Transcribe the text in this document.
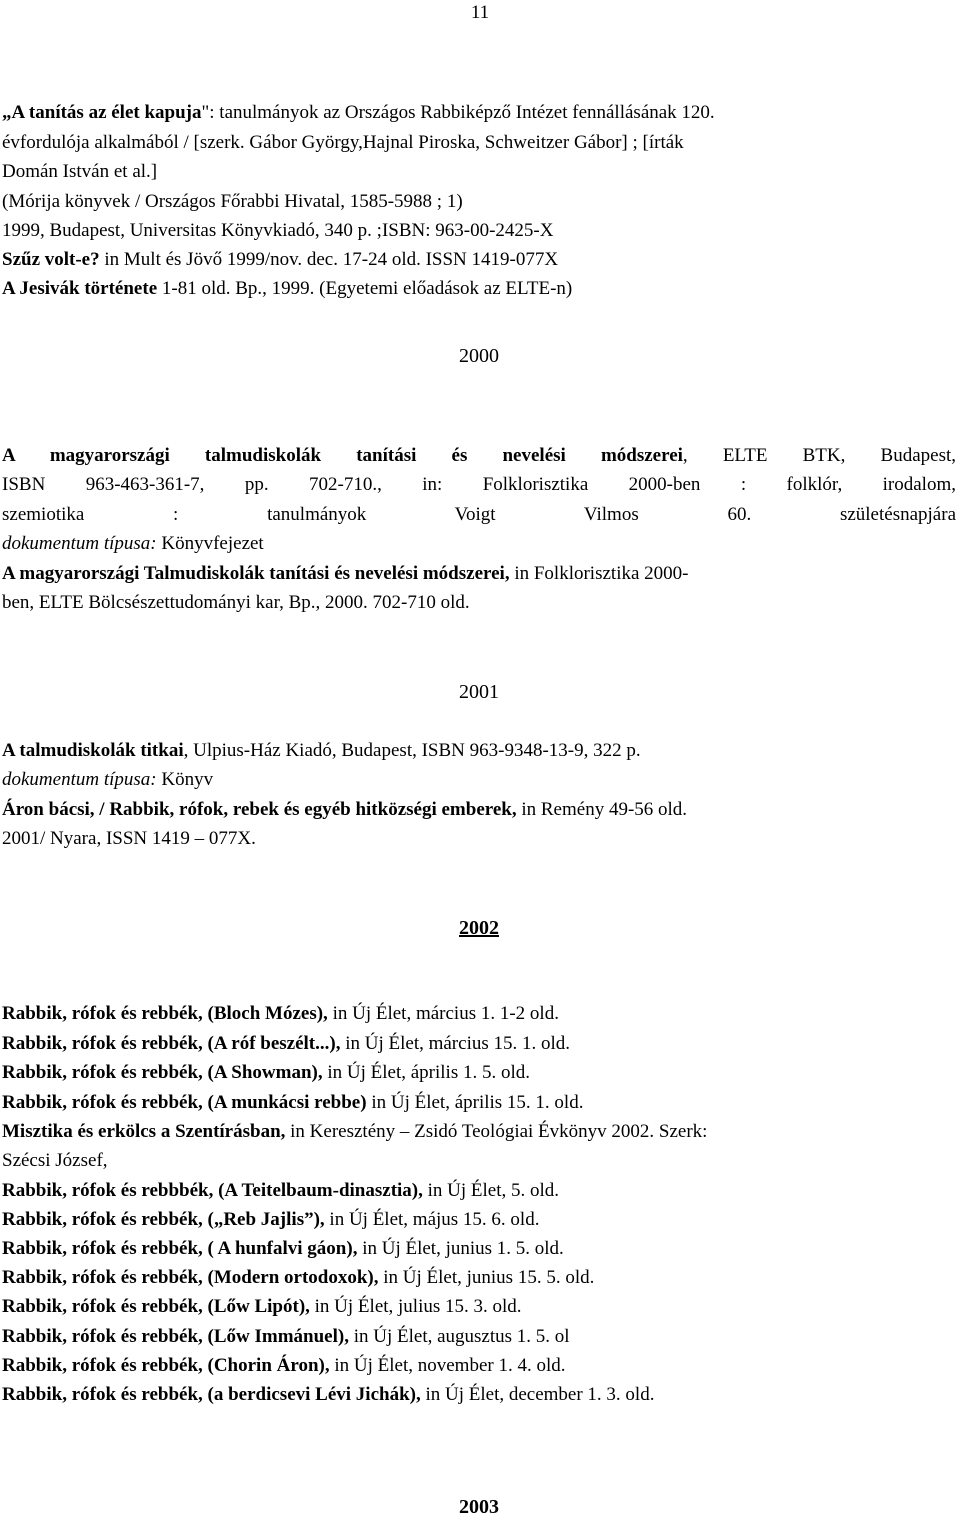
11
„A tanítás az élet kapuja": tanulmányok az Országos Rabbiképző Intézet fennállásának 120.
évfordulója alkalmából / [szerk. Gábor György,Hajnal Piroska, Schweitzer Gábor] ; [írták
Domán István et al.]
(Mórija könyvek / Országos Főrabbi Hivatal, 1585-5988 ; 1)
1999, Budapest, Universitas Könyvkiadó, 340 p. ;ISBN: 963-00-2425-X
Szűz volt-e? in Mult és Jövő 1999/nov. dec. 17-24 old. ISSN 1419-077X
A Jesivák története 1-81 old. Bp., 1999. (Egyetemi előadások az ELTE-n)
2000
A magyarországi talmudiskolák tanítási és nevelési módszerei, ELTE BTK, Budapest,
ISBN 963-463-361-7, pp. 702-710., in: Folklorisztika 2000-ben : folklór, irodalom,
szemiotika : tanulmányok Voigt Vilmos 60. születésnapjára
dokumentum típusa: Könyvfejezet
A magyarországi Talmudiskolák tanítási és nevelési módszerei, in Folklorisztika 2000-
ben, ELTE Bölcsészettudományi kar, Bp., 2000. 702-710 old.
2001
A talmudiskolák titkai, Ulpius-Ház Kiadó, Budapest, ISBN 963-9348-13-9, 322 p.
dokumentum típusa: Könyv
Áron bácsi, / Rabbik, rófok, rebek és egyéb hitközségi emberek, in Remény 49-56 old.
2001/ Nyara, ISSN 1419 – 077X.
2002
Rabbik, rófok és rebbék, (Bloch Mózes), in Új Élet, március 1. 1-2 old.
Rabbik, rófok és rebbék, (A róf beszélt...), in Új Élet, március 15. 1. old.
Rabbik, rófok és rebbék, (A Showman), in Új Élet, április 1. 5. old.
Rabbik, rófok és rebbék, (A munkácsi rebbe) in Új Élet, április 15. 1. old.
Misztika és erkölcs a Szentírásban, in Keresztény – Zsidó Teológiai Évkönyv 2002. Szerk:
Szécsi József,
Rabbik, rófok és rebbbék, (A Teitelbaum-dinasztia), in Új Élet, 5. old.
Rabbik, rófok és rebbék, („Reb Jajlis”), in Új Élet, május 15. 6. old.
Rabbik, rófok és rebbék, ( A hunfalvi gáon), in Új Élet, junius 1. 5. old.
Rabbik, rófok és rebbék, (Modern ortodoxok), in Új Élet, junius 15. 5. old.
Rabbik, rófok és rebbék, (Lőw Lipót), in Új Élet, julius 15. 3. old.
Rabbik, rófok és rebbék, (Lőw Immánuel), in Új Élet, augusztus 1. 5. ol
Rabbik, rófok és rebbék, (Chorin Áron), in Új Élet, november 1. 4. old.
Rabbik, rófok és rebbék, (a berdicsevi Lévi Jichák), in Új Élet, december 1. 3. old.
2003
